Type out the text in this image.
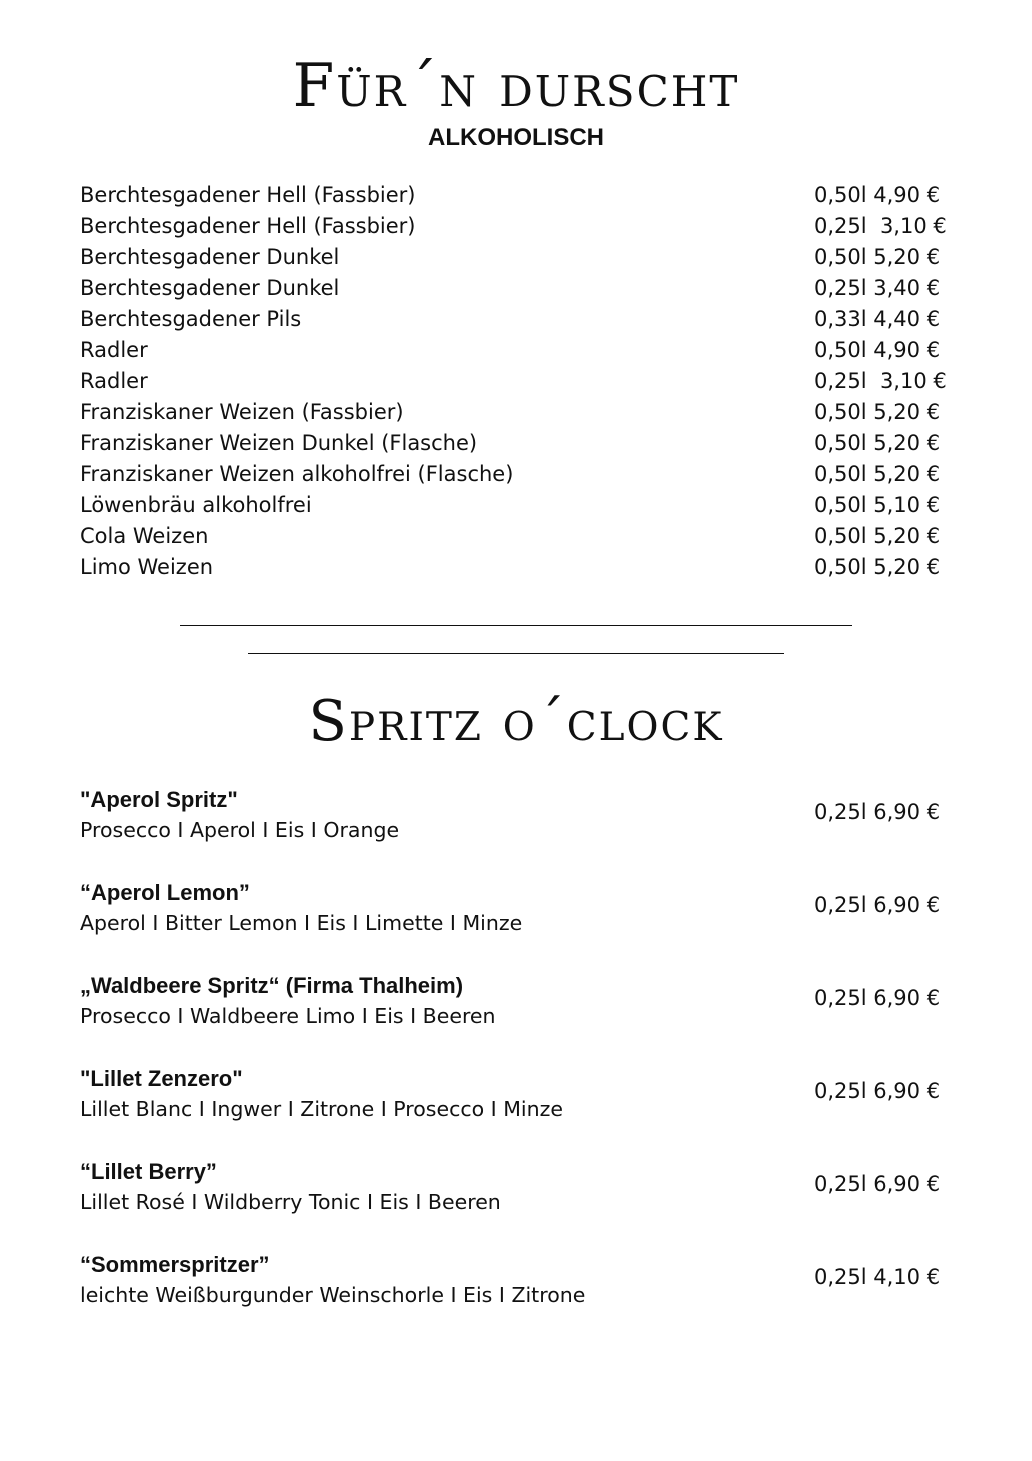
Für´n durscht
ALKOHOLISCH
Berchtesgadener Hell (Fassbier)	0,50l 4,90 €
Berchtesgadener Hell (Fassbier)	0,25l  3,10 €
Berchtesgadener Dunkel	0,50l 5,20 €
Berchtesgadener Dunkel	0,25l 3,40 €
Berchtesgadener Pils	0,33l 4,40 €
Radler	0,50l 4,90 €
Radler	0,25l  3,10 €
Franziskaner Weizen (Fassbier)	0,50l 5,20 €
Franziskaner Weizen Dunkel (Flasche)	0,50l 5,20 €
Franziskaner Weizen alkoholfrei (Flasche)	0,50l 5,20 €
Löwenbräu alkoholfrei	0,50l 5,10 €
Cola Weizen	0,50l 5,20 €
Limo Weizen	0,50l 5,20 €
Spritz o´clock
"Aperol Spritz"
Prosecco I Aperol I Eis I Orange
0,25l 6,90 €
“Aperol Lemon”
Aperol I Bitter Lemon I Eis I Limette I Minze
0,25l 6,90 €
„Waldbeere Spritz“ (Firma Thalheim)
Prosecco I Waldbeere Limo I Eis I Beeren
0,25l 6,90 €
"Lillet Zenzero"
Lillet Blanc I Ingwer I Zitrone I Prosecco I Minze
0,25l 6,90 €
“Lillet Berry”
Lillet Rosé I Wildberry Tonic I Eis I Beeren
0,25l 6,90 €
“Sommerspritzer”
leichte Weißburgunder Weinschorle I Eis I Zitrone
0,25l 4,10 €
